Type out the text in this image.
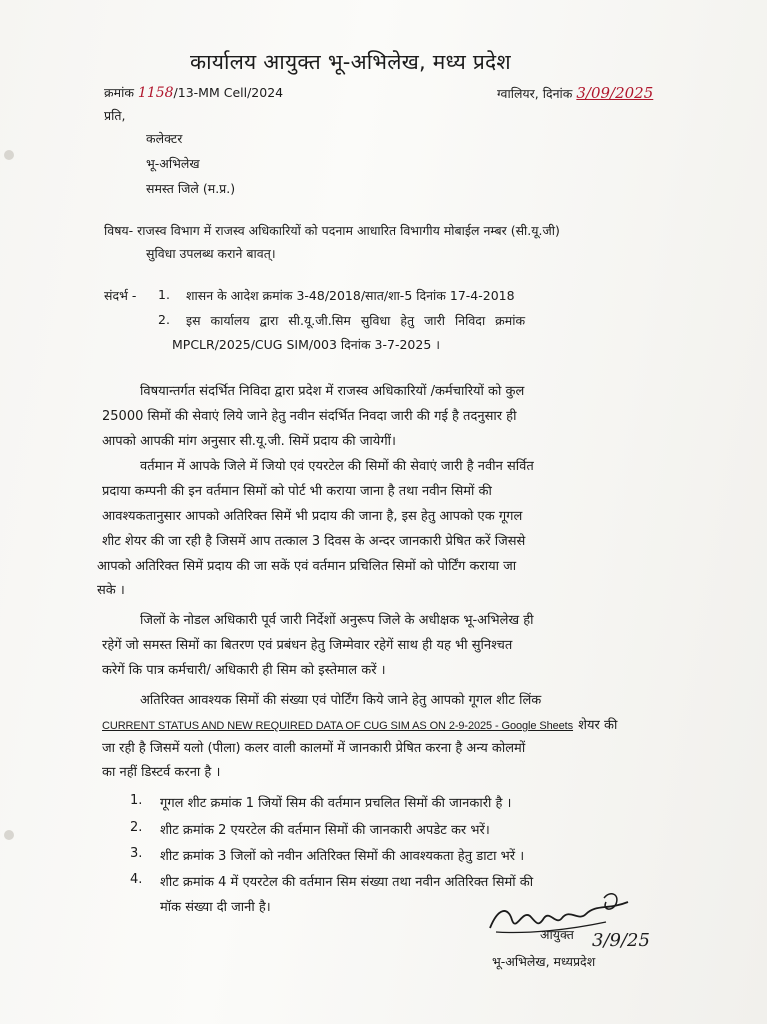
कार्यालय आयुक्त भू-अभिलेख, मध्य प्रदेश
क्रमांक 1158/13-MM Cell/2024	ग्वालियर, दिनांक 3/09/2025
प्रति,
कलेक्टर
भू-अभिलेख
समस्त जिले (म.प्र.)
विषय- राजस्व विभाग में राजस्व अधिकारियों को पदनाम आधारित विभागीय मोबाईल नम्बर (सी.यू.जी)
सुविधा उपलब्ध कराने बावत्।
संदर्भ - 1. शासन के आदेश क्रमांक 3-48/2018/सात/शा-5 दिनांक 17-4-2018
2. इस कार्यालय द्वारा सी.यू.जी.सिम सुविधा हेतु जारी निविदा क्रमांक
MPCLR/2025/CUG SIM/003 दिनांक 3-7-2025 ।
विषयान्तर्गत संदर्भित निविदा द्वारा प्रदेश में राजस्व अधिकारियों /कर्मचारियों को कुल
25000 सिमों की सेवाएं लिये जाने हेतु नवीन संदर्भित निवदा जारी की गई है तदनुसार ही
आपको आपकी मांग अनुसार सी.यू.जी. सिमें प्रदाय की जायेगीं।
वर्तमान में आपके जिले में जियो एवं एयरटेल की सिमों की सेवाएं जारी है नवीन सर्वित
प्रदाया कम्पनी की इन वर्तमान सिमों को पोर्ट भी कराया जाना है तथा नवीन सिमों की
आवश्यकतानुसार आपको अतिरिक्त सिमें भी प्रदाय की जाना है, इस हेतु आपको एक गूगल
शीट शेयर की जा रही है जिसमें आप तत्काल 3 दिवस के अन्दर जानकारी प्रेषित करें जिससे
आपको अतिरिक्त सिमें प्रदाय की जा सकें एवं वर्तमान प्रचिलित सिमों को पोर्टिंग कराया जा
सके ।
जिलों के नोडल अधिकारी पूर्व जारी निर्देशों अनुरूप जिले के अधीक्षक भू-अभिलेख ही
रहेगें जो समस्त सिमों का बितरण एवं प्रबंधन हेतु जिम्मेवार रहेगें साथ ही यह भी सुनिश्चत
करेगें कि पात्र कर्मचारी/ अधिकारी ही सिम को इस्तेमाल करें ।
अतिरिक्त आवश्यक सिमों की संख्या एवं पोर्टिंग किये जाने हेतु आपको गूगल शीट लिंक
CURRENT STATUS AND NEW REQUIRED DATA OF CUG SIM AS ON 2-9-2025 - Google Sheets शेयर की
जा रही है जिसमें यलो (पीला) कलर वाली कालमों में जानकारी प्रेषित करना है अन्य कोलमों
का नहीं डिस्टर्व करना है ।
1. गूगल शीट क्रमांक 1 जियों सिम की वर्तमान प्रचलित सिमों की जानकारी है ।
2. शीट क्रमांक 2 एयरटेल की वर्तमान सिमों की जानकारी अपडेट कर भरें।
3. शीट क्रमांक 3 जिलों को नवीन अतिरिक्त सिमों की आवश्यकता हेतु डाटा भरें ।
4. शीट क्रमांक 4 में एयरटेल की वर्तमान सिम संख्या तथा नवीन अतिरिक्त सिमों की
मॉक संख्या दी जानी है।
आयुक्त 3/9/25
भू-अभिलेख, मध्यप्रदेश
